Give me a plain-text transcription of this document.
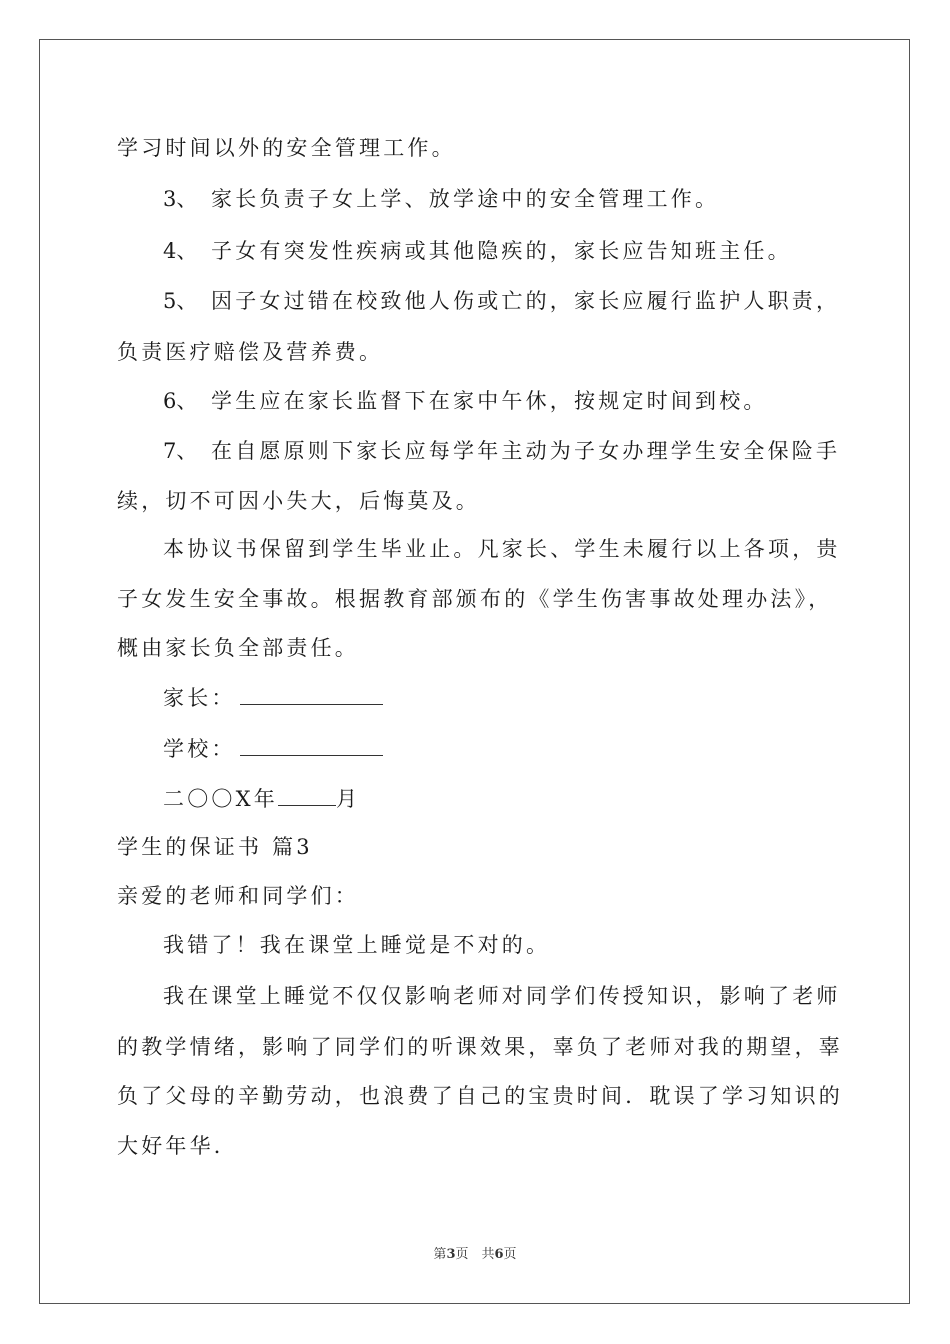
学习时间以外的安全管理工作。
3、 家长负责子女上学、放学途中的安全管理工作。
4、 子女有突发性疾病或其他隐疾的，家长应告知班主任。
5、 因子女过错在校致他人伤或亡的，家长应履行监护人职责，
负责医疗赔偿及营养费。
6、 学生应在家长监督下在家中午休，按规定时间到校。
7、 在自愿原则下家长应每学年主动为子女办理学生安全保险手
续，切不可因小失大，后悔莫及。
本协议书保留到学生毕业止。凡家长、学生未履行以上各项，贵
子女发生安全事故。根据教育部颁布的《学生伤害事故处理办法》，
概由家长负全部责任。
家长：
学校：
二〇〇X年	月
学生的保证书 篇3
亲爱的老师和同学们：
我错了！我在课堂上睡觉是不对的。
我在课堂上睡觉不仅仅影响老师对同学们传授知识，影响了老师
的教学情绪，影响了同学们的听课效果，辜负了老师对我的期望，辜
负了父母的辛勤劳动，也浪费了自己的宝贵时间．耽误了学习知识的
大好年华．
第3页　共6页
